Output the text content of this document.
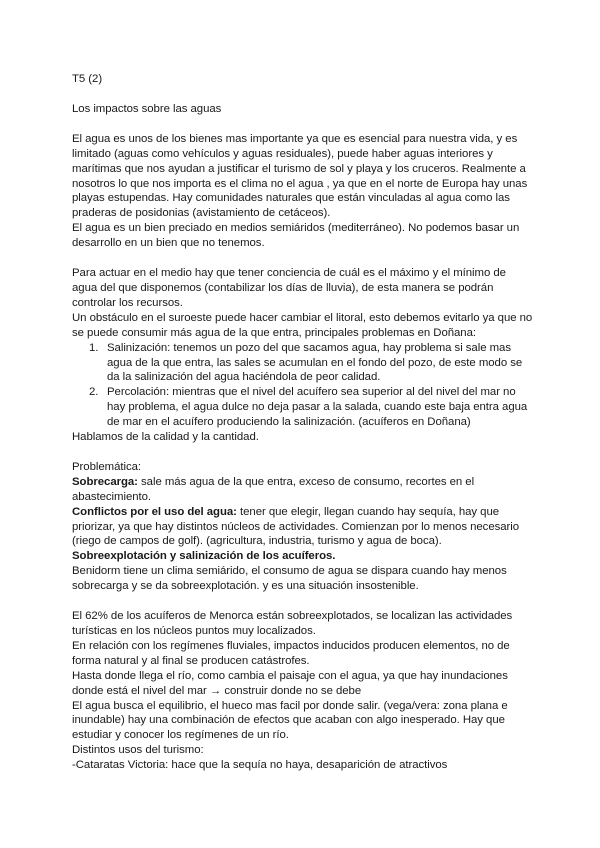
T5 (2)

Los impactos sobre las aguas

El agua es unos de los bienes mas importante ya que es esencial para nuestra vida, y es limitado (aguas como vehículos y aguas residuales), puede haber aguas interiores y marítimas que nos ayudan a justificar el turismo de sol y playa y los cruceros. Realmente a nosotros lo que nos importa es el clima no el agua , ya que en el norte de Europa hay unas playas estupendas. Hay comunidades naturales que están vinculadas al agua como las praderas de posidonias (avistamiento de cetáceos).

El agua es un bien preciado en medios semiáridos (mediterráneo). No podemos basar un desarrollo en un bien que no tenemos.

Para actuar en el medio hay que tener conciencia de cuál es el máximo y el mínimo de agua del que disponemos (contabilizar los días de lluvia), de esta manera se podrán controlar los recursos.

Un obstáculo en el suroeste puede hacer cambiar el litoral, esto debemos evitarlo ya que no se puede consumir más agua de la que entra, principales problemas en Doñana:

1. Salinización: tenemos un pozo del que sacamos agua, hay problema si sale mas agua de la que entra, las sales se acumulan en el fondo del pozo, de este modo se da la salinización del agua haciéndola de peor calidad.
2. Percolación: mientras que el nivel del acuífero sea superior al del nivel del mar no hay problema, el agua dulce no deja pasar a la salada, cuando este baja entra agua de mar en el acuífero produciendo la salinización. (acuíferos en Doñana)

Hablamos de la calidad y la cantidad.

Problemática:

Sobrecarga: sale más agua de la que entra, exceso de consumo, recortes en el abastecimiento.

Conflictos por el uso del agua: tener que elegir, llegan cuando hay sequía, hay que priorizar, ya que hay distintos núcleos de actividades. Comienzan por lo menos necesario (riego de campos de golf). (agricultura, industria, turismo y agua de boca).

Sobreexplotación y salinización de los acuíferos.

Benidorm tiene un clima semiárido, el consumo de agua se dispara cuando hay menos sobrecarga y se da sobreexplotación. y es una situación insostenible.

El 62% de los acuíferos de Menorca están sobreexplotados, se localizan las actividades turísticas en los núcleos puntos muy localizados.

En relación con los regímenes fluviales, impactos inducidos producen elementos, no de forma natural y al final se producen catástrofes.

Hasta donde llega el río, como cambia el paisaje con el agua, ya que hay inundaciones donde está el nivel del mar → construir donde no se debe

El agua busca el equilibrio, el hueco mas facil por donde salir. (vega/vera: zona plana e inundable) hay una combinación de efectos que acaban con algo inesperado. Hay que estudiar y conocer los regímenes de un río.

Distintos usos del turismo:

-Cataratas Victoria: hace que la sequía no haya, desaparición de atractivos
